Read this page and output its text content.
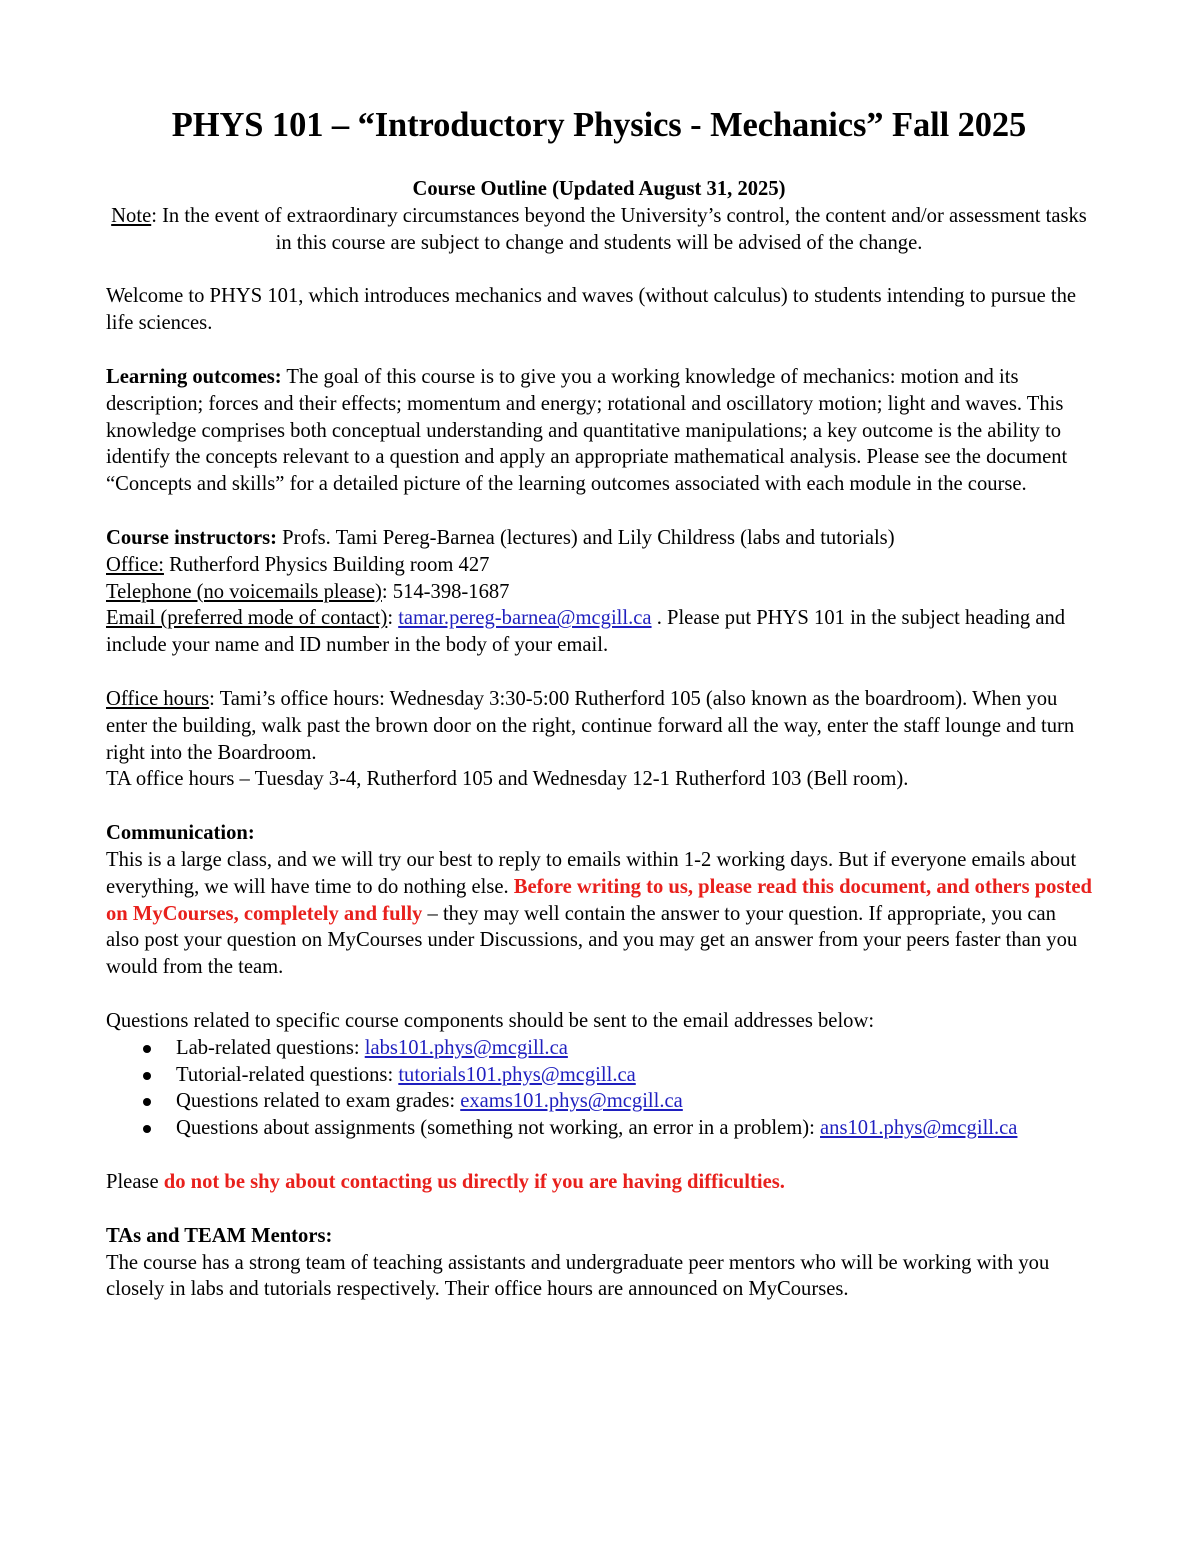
PHYS 101 – “Introductory Physics - Mechanics” Fall 2025

Course Outline (Updated August 31, 2025)

Note: In the event of extraordinary circumstances beyond the University’s control, the content and/or assessment tasks in this course are subject to change and students will be advised of the change.

Welcome to PHYS 101, which introduces mechanics and waves (without calculus) to students intending to pursue the life sciences.

Learning outcomes: The goal of this course is to give you a working knowledge of mechanics: motion and its description; forces and their effects; momentum and energy; rotational and oscillatory motion; light and waves. This knowledge comprises both conceptual understanding and quantitative manipulations; a key outcome is the ability to identify the concepts relevant to a question and apply an appropriate mathematical analysis. Please see the document “Concepts and skills” for a detailed picture of the learning outcomes associated with each module in the course.

Course instructors: Profs. Tami Pereg-Barnea (lectures) and Lily Childress (labs and tutorials)

Office: Rutherford Physics Building room 427

Telephone (no voicemails please): 514-398-1687

Email (preferred mode of contact): tamar.pereg-barnea@mcgill.ca . Please put PHYS 101 in the subject heading and include your name and ID number in the body of your email.

Office hours: Tami’s office hours: Wednesday 3:30-5:00 Rutherford 105 (also known as the boardroom). When you enter the building, walk past the brown door on the right, continue forward all the way, enter the staff lounge and turn right into the Boardroom.

TA office hours – Tuesday 3-4, Rutherford 105 and Wednesday 12-1 Rutherford 103 (Bell room).

Communication:

This is a large class, and we will try our best to reply to emails within 1-2 working days. But if everyone emails about everything, we will have time to do nothing else. Before writing to us, please read this document, and others posted on MyCourses, completely and fully – they may well contain the answer to your question. If appropriate, you can also post your question on MyCourses under Discussions, and you may get an answer from your peers faster than you would from the team.

Questions related to specific course components should be sent to the email addresses below:

Lab-related questions: labs101.phys@mcgill.ca
Tutorial-related questions: tutorials101.phys@mcgill.ca
Questions related to exam grades: exams101.phys@mcgill.ca
Questions about assignments (something not working, an error in a problem): ans101.phys@mcgill.ca

Please do not be shy about contacting us directly if you are having difficulties.

TAs and TEAM Mentors:

The course has a strong team of teaching assistants and undergraduate peer mentors who will be working with you closely in labs and tutorials respectively. Their office hours are announced on MyCourses.
